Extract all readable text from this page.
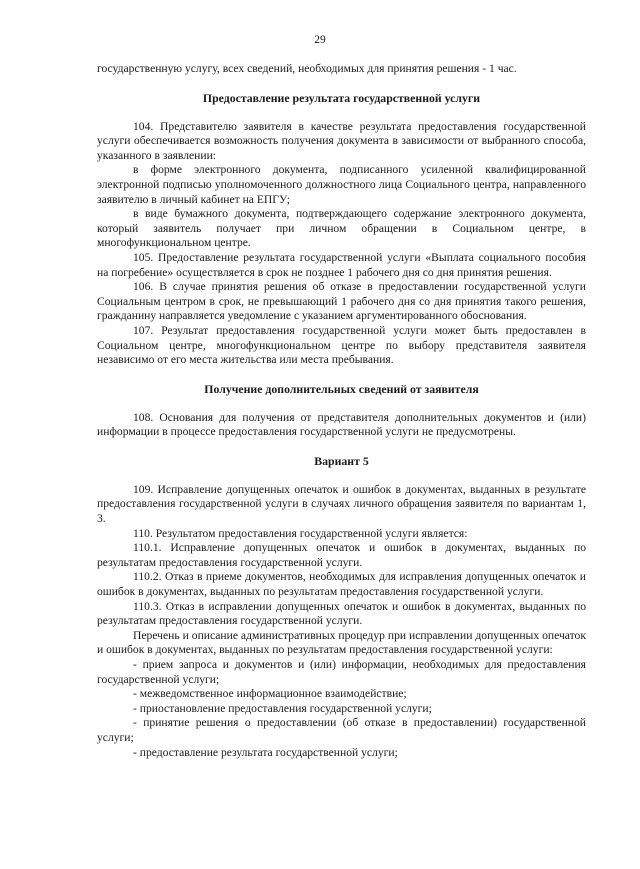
29

государственную услугу, всех сведений, необходимых для принятия решения - 1 час.

Предоставление результата государственной услуги

104. Представителю заявителя в качестве результата предоставления государственной услуги обеспечивается возможность получения документа в зависимости от выбранного способа, указанного в заявлении:

в форме электронного документа, подписанного усиленной квалифицированной электронной подписью уполномоченного должностного лица Социального центра, направленного заявителю в личный кабинет на ЕПГУ;

в виде бумажного документа, подтверждающего содержание электронного документа, который заявитель получает при личном обращении в Социальном центре, в многофункциональном центре.

105. Предоставление результата государственной услуги «Выплата социального пособия на погребение» осуществляется в срок не позднее 1 рабочего дня со дня принятия решения.

106. В случае принятия решения об отказе в предоставлении государственной услуги Социальным центром в срок, не превышающий 1 рабочего дня со дня принятия такого решения, гражданину направляется уведомление с указанием аргументированного обоснования.

107. Результат предоставления государственной услуги может быть предоставлен в Социальном центре, многофункциональном центре по выбору представителя заявителя независимо от его места жительства или места пребывания.

Получение дополнительных сведений от заявителя

108. Основания для получения от представителя дополнительных документов и (или) информации в процессе предоставления государственной услуги не предусмотрены.

Вариант 5

109. Исправление допущенных опечаток и ошибок в документах, выданных в результате предоставления государственной услуги в случаях личного обращения заявителя по вариантам 1, 3.

110. Результатом предоставления государственной услуги является:

110.1. Исправление допущенных опечаток и ошибок в документах, выданных по результатам предоставления государственной услуги.

110.2. Отказ в приеме документов, необходимых для исправления допущенных опечаток и ошибок в документах, выданных по результатам предоставления государственной услуги.

110.3. Отказ в исправлении допущенных опечаток и ошибок в документах, выданных по результатам предоставления государственной услуги.

Перечень и описание административных процедур при исправлении допущенных опечаток и ошибок в документах, выданных по результатам предоставления государственной услуги:

- прием запроса и документов и (или) информации, необходимых для предоставления государственной услуги;

- межведомственное информационное взаимодействие;

- приостановление предоставления государственной услуги;

- принятие решения о предоставлении (об отказе в предоставлении) государственной услуги;

- предоставление результата государственной услуги;
